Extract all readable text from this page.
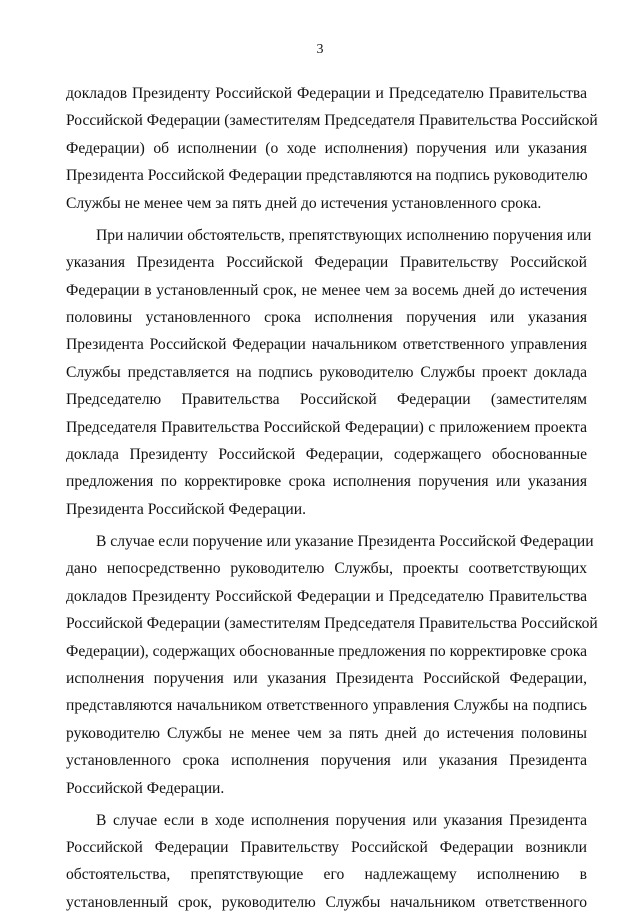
3

докладов Президенту Российской Федерации и Председателю Правительства
Российской Федерации (заместителям Председателя Правительства Российской
Федерации) об исполнении (о ходе исполнения) поручения или указания
Президента Российской Федерации представляются на подпись руководителю
Службы не менее чем за пять дней до истечения установленного срока.

При наличии обстоятельств, препятствующих исполнению поручения или
указания Президента Российской Федерации Правительству Российской
Федерации в установленный срок, не менее чем за восемь дней до истечения
половины установленного срока исполнения поручения или указания
Президента Российской Федерации начальником ответственного управления
Службы представляется на подпись руководителю Службы проект доклада
Председателю Правительства Российской Федерации (заместителям
Председателя Правительства Российской Федерации) с приложением проекта
доклада Президенту Российской Федерации, содержащего обоснованные
предложения по корректировке срока исполнения поручения или указания
Президента Российской Федерации.

В случае если поручение или указание Президента Российской Федерации
дано непосредственно руководителю Службы, проекты соответствующих
докладов Президенту Российской Федерации и Председателю Правительства
Российской Федерации (заместителям Председателя Правительства Российской
Федерации), содержащих обоснованные предложения по корректировке срока
исполнения поручения или указания Президента Российской Федерации,
представляются начальником ответственного управления Службы на подпись
руководителю Службы не менее чем за пять дней до истечения половины
установленного срока исполнения поручения или указания Президента
Российской Федерации.

В случае если в ходе исполнения поручения или указания Президента
Российской Федерации Правительству Российской Федерации возникли
обстоятельства, препятствующие его надлежащему исполнению в
установленный срок, руководителю Службы начальником ответственного
